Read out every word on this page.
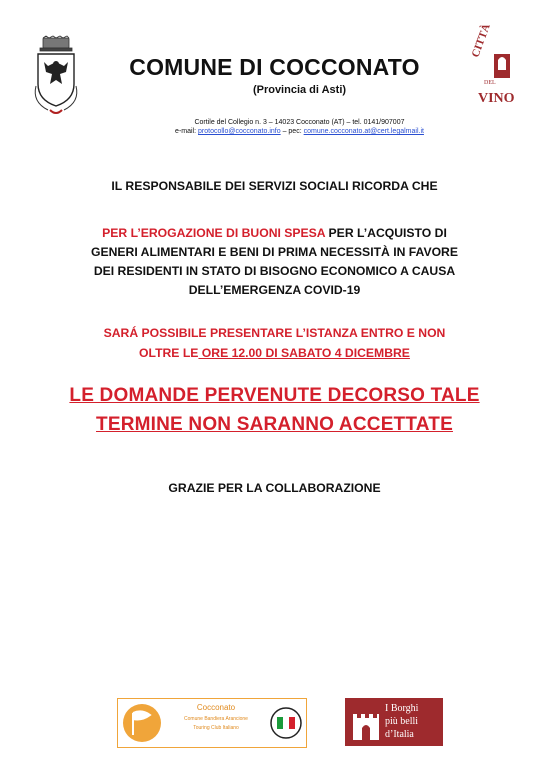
CITTÀ
DEL
VINO
COMUNE DI COCCONATO
(Provincia di Asti)
Cortile del Collegio n. 3 – 14023 Cocconato (AT) – tel. 0141/907007
e-mail: protocollo@cocconato.info – pec: comune.cocconato.at@cert.legalmail.it
IL RESPONSABILE DEI SERVIZI SOCIALI RICORDA CHE
PER L’EROGAZIONE DI BUONI SPESA PER L’ACQUISTO DI
GENERI ALIMENTARI E BENI DI PRIMA NECESSITÀ IN FAVORE
DEI RESIDENTI IN STATO DI BISOGNO ECONOMICO A CAUSA
DELL’EMERGENZA COVID-19
SARÁ POSSIBILE PRESENTARE L’ISTANZA ENTRO E NON
OLTRE LE ORE 12.00 DI SABATO 4 DICEMBRE
LE DOMANDE PERVENUTE DECORSO TALE
TERMINE NON SARANNO ACCETTATE
GRAZIE PER LA COLLABORAZIONE
Cocconato
Comune Bandiera Arancione
Touring Club Italiano
I Borghi
più belli
d’Italia
